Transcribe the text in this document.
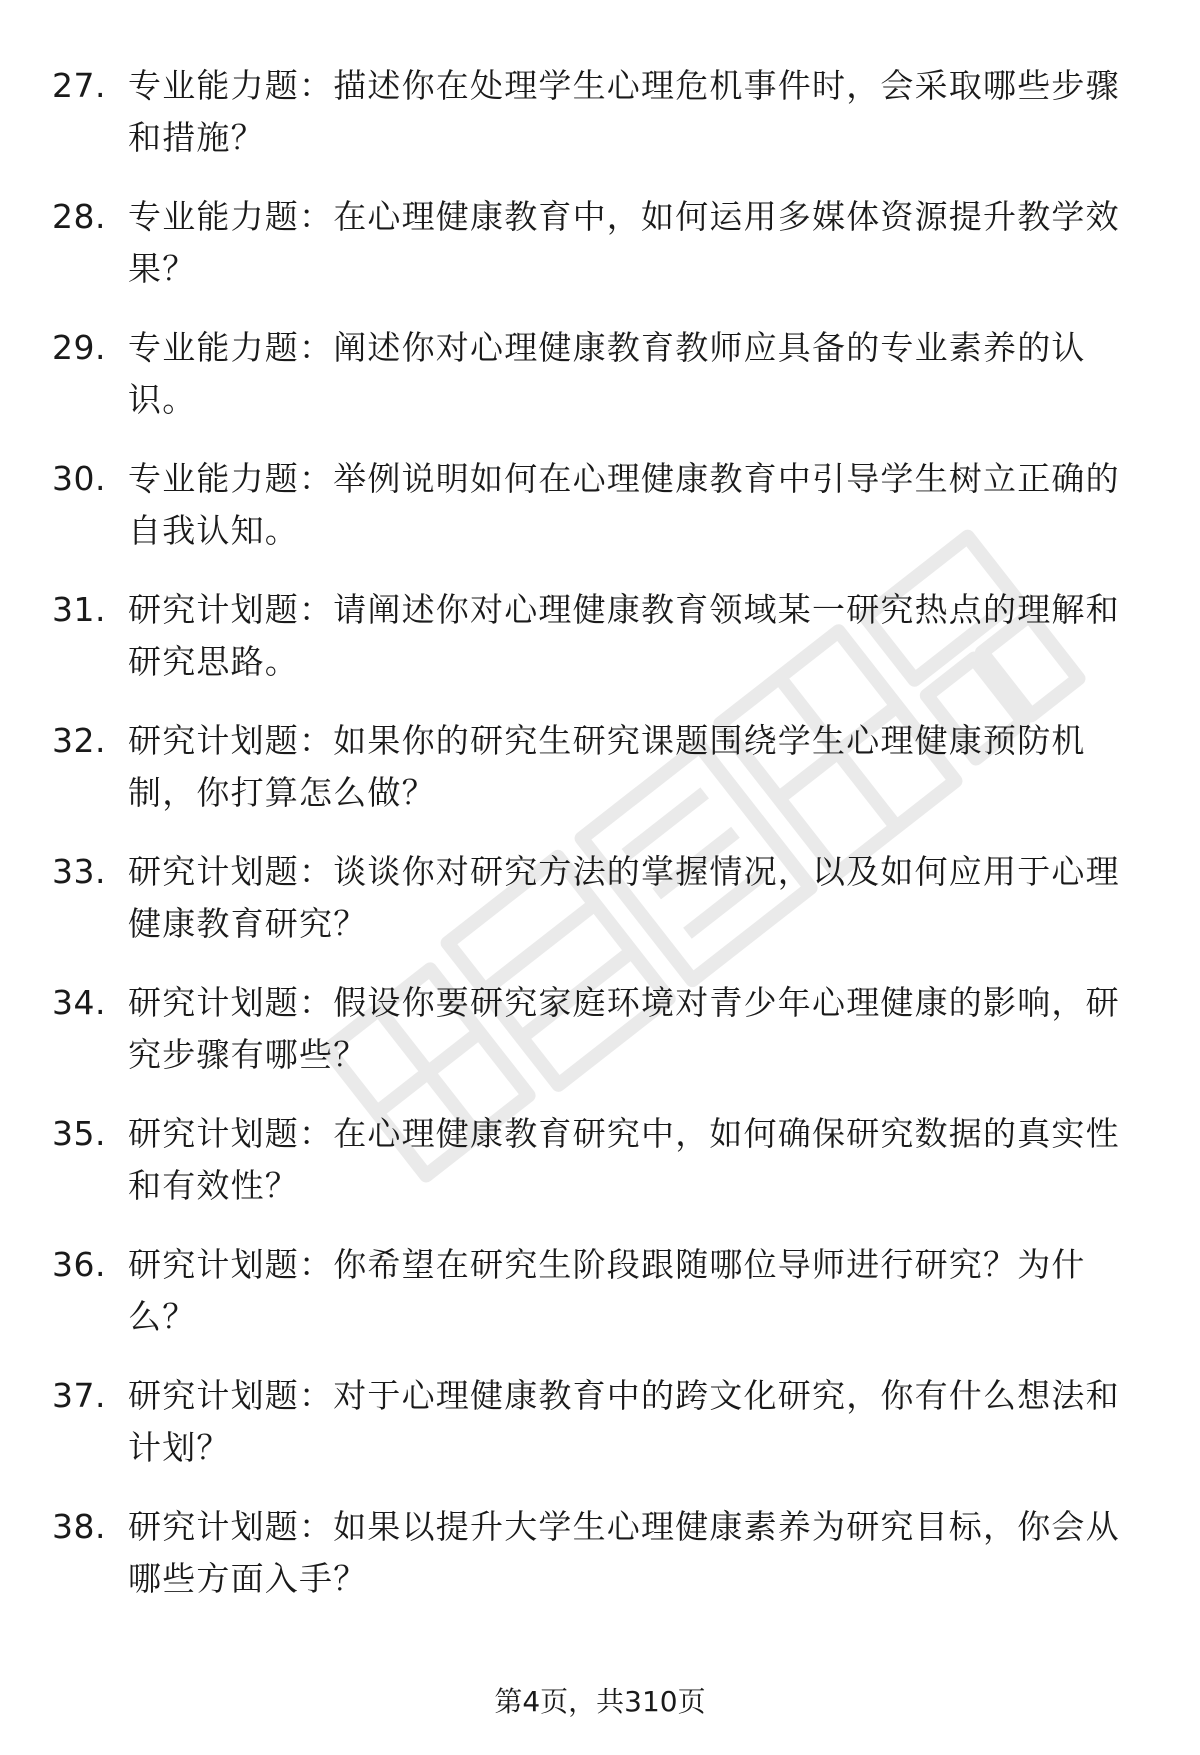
27. 专业能力题：描述你在处理学生心理危机事件时，会采取哪些步骤和措施？
28. 专业能力题：在心理健康教育中，如何运用多媒体资源提升教学效果？
29. 专业能力题：阐述你对心理健康教育教师应具备的专业素养的认识。
30. 专业能力题：举例说明如何在心理健康教育中引导学生树立正确的自我认知。
31. 研究计划题：请阐述你对心理健康教育领域某一研究热点的理解和研究思路。
32. 研究计划题：如果你的研究生研究课题围绕学生心理健康预防机制，你打算怎么做？
33. 研究计划题：谈谈你对研究方法的掌握情况，以及如何应用于心理健康教育研究？
34. 研究计划题：假设你要研究家庭环境对青少年心理健康的影响，研究步骤有哪些？
35. 研究计划题：在心理健康教育研究中，如何确保研究数据的真实性和有效性？
36. 研究计划题：你希望在研究生阶段跟随哪位导师进行研究？为什么？
37. 研究计划题：对于心理健康教育中的跨文化研究，你有什么想法和计划？
38. 研究计划题：如果以提升大学生心理健康素养为研究目标，你会从哪些方面入手？
第4页，共310页
